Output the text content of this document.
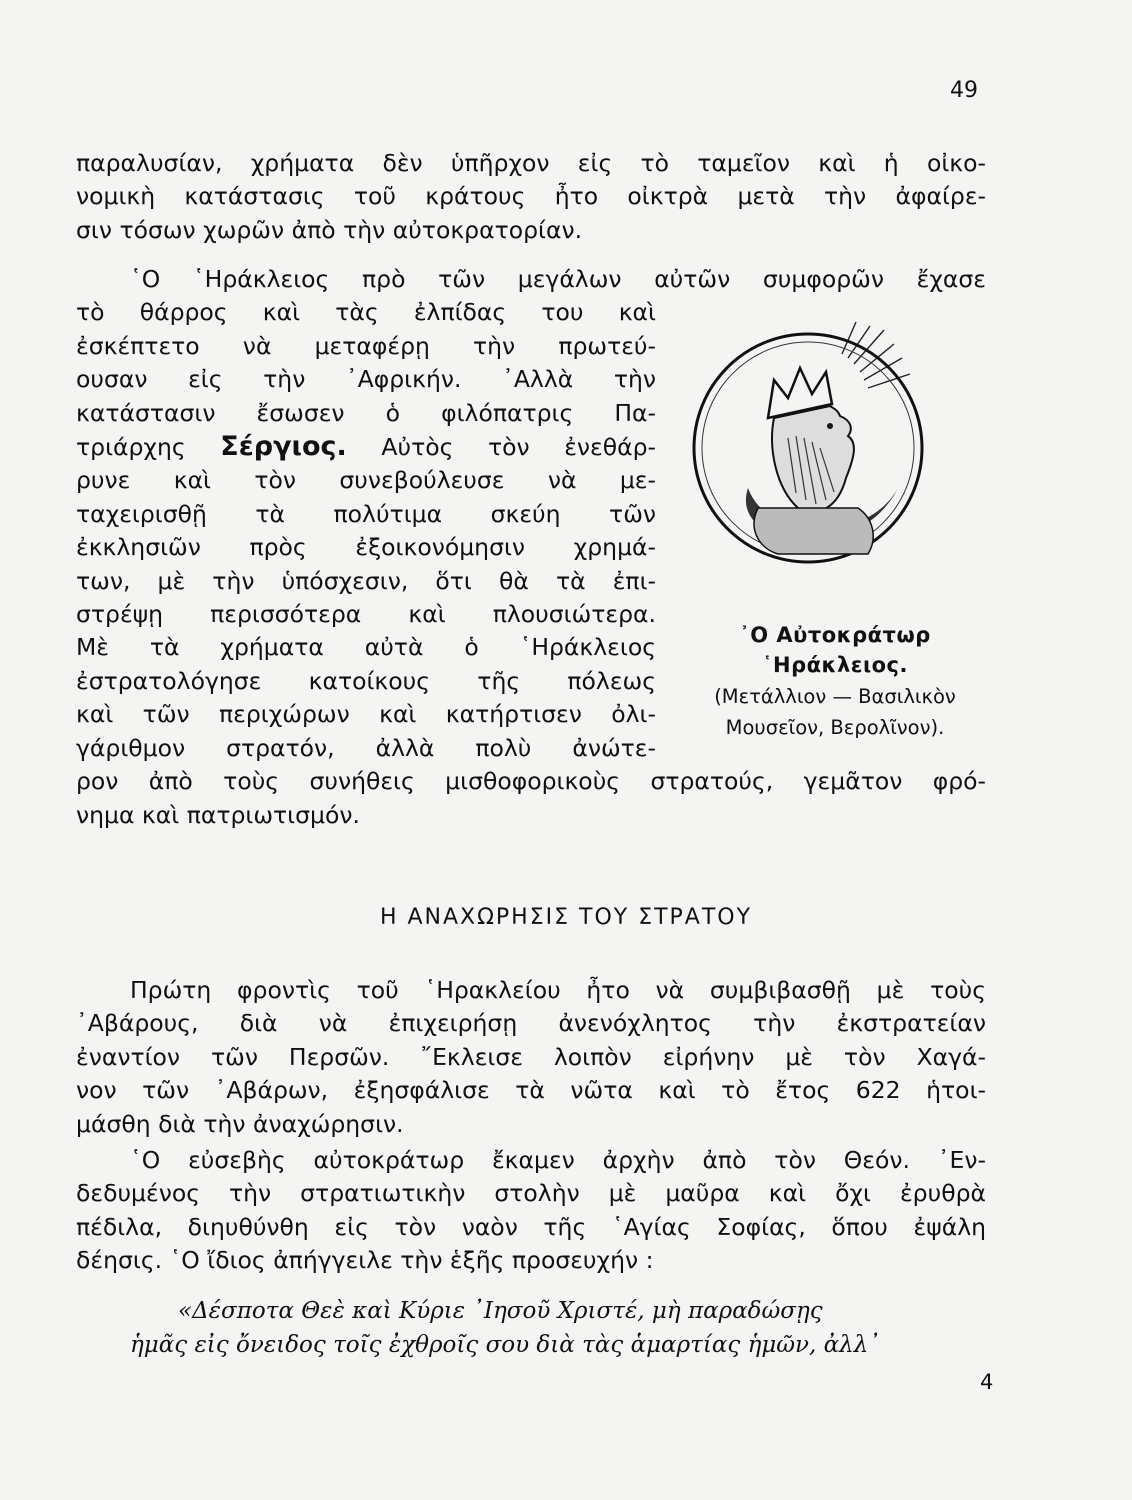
49
παραλυσίαν, χρήματα δὲν ὑπῆρχον εἰς τὸ ταμεῖον καὶ ἡ οἰκο-
νομικὴ κατάστασις τοῦ κράτους ἦτο οἰκτρὰ μετὰ τὴν ἀφαίρε-
σιν τόσων χωρῶν ἀπὸ τὴν αὐτοκρατορίαν.
῾Ο ῾Ηράκλειος πρὸ τῶν μεγάλων αὐτῶν συμφορῶν ἔχασε
τὸ θάρρος καὶ τὰς ἐλπίδας του καὶ
ἐσκέπτετο νὰ μεταφέρῃ τὴν πρωτεύ-
ουσαν εἰς τὴν ᾿Αφρικήν. ᾿Αλλὰ τὴν
κατάστασιν ἔσωσεν ὁ φιλόπατρις Πα-
τριάρχης Σέργιος. Αὐτὸς τὸν ἐνεθάρ-
ρυνε καὶ τὸν συνεβούλευσε νὰ με-
ταχειρισθῇ τὰ πολύτιμα σκεύη τῶν
ἐκκλησιῶν πρὸς ἐξοικονόμησιν χρημά-
των, μὲ τὴν ὑπόσχεσιν, ὅτι θὰ τὰ ἐπι-
στρέψῃ περισσότερα καὶ πλουσιώτερα.
Μὲ τὰ χρήματα αὐτὰ ὁ ῾Ηράκλειος
ἐστρατολόγησε κατοίκους τῆς πόλεως
καὶ τῶν περιχώρων καὶ κατήρτισεν ὀλι-
γάριθμον στρατόν, ἀλλὰ πολὺ ἀνώτε-
ρον ἀπὸ τοὺς συνήθεις μισθοφορικοὺς στρατούς, γεμᾶτον φρό-
νημα καὶ πατριωτισμόν.
᾿Ο Αὐτοκράτωρ
῾Ηράκλειος.
(Μετάλλιον — Βασιλικὸν
Μουσεῖον, Βερολῖνον).
Η ΑΝΑΧΩΡΗΣΙΣ ΤΟΥ ΣΤΡΑΤΟΥ
Πρώτη φροντὶς τοῦ ῾Ηρακλείου ἦτο νὰ συμβιβασθῇ μὲ τοὺς
᾿Αβάρους, διὰ νὰ ἐπιχειρήσῃ ἀνενόχλητος τὴν ἐκστρατείαν
ἐναντίον τῶν Περσῶν. ῎Εκλεισε λοιπὸν εἰρήνην μὲ τὸν Χαγά-
νον τῶν ᾿Αβάρων, ἐξησφάλισε τὰ νῶτα καὶ τὸ ἔτος 622 ἡτοι-
μάσθη διὰ τὴν ἀναχώρησιν.
῾Ο εὐσεβὴς αὐτοκράτωρ ἔκαμεν ἀρχὴν ἀπὸ τὸν Θεόν. ᾿Εν-
δεδυμένος τὴν στρατιωτικὴν στολὴν μὲ μαῦρα καὶ ὄχι ἐρυθρὰ
πέδιλα, διηυθύνθη εἰς τὸν ναὸν τῆς ῾Αγίας Σοφίας, ὅπου ἐψάλη
δέησις. ῾Ο ἴδιος ἀπήγγειλε τὴν ἑξῆς προσευχήν :
«Δέσποτα Θεὲ καὶ Κύριε ᾿Ιησοῦ Χριστέ, μὴ παραδώσῃς
ἡμᾶς εἰς ὄνειδος τοῖς ἐχθροῖς σου διὰ τὰς ἁμαρτίας ἡμῶν, ἀλλ᾿
4
